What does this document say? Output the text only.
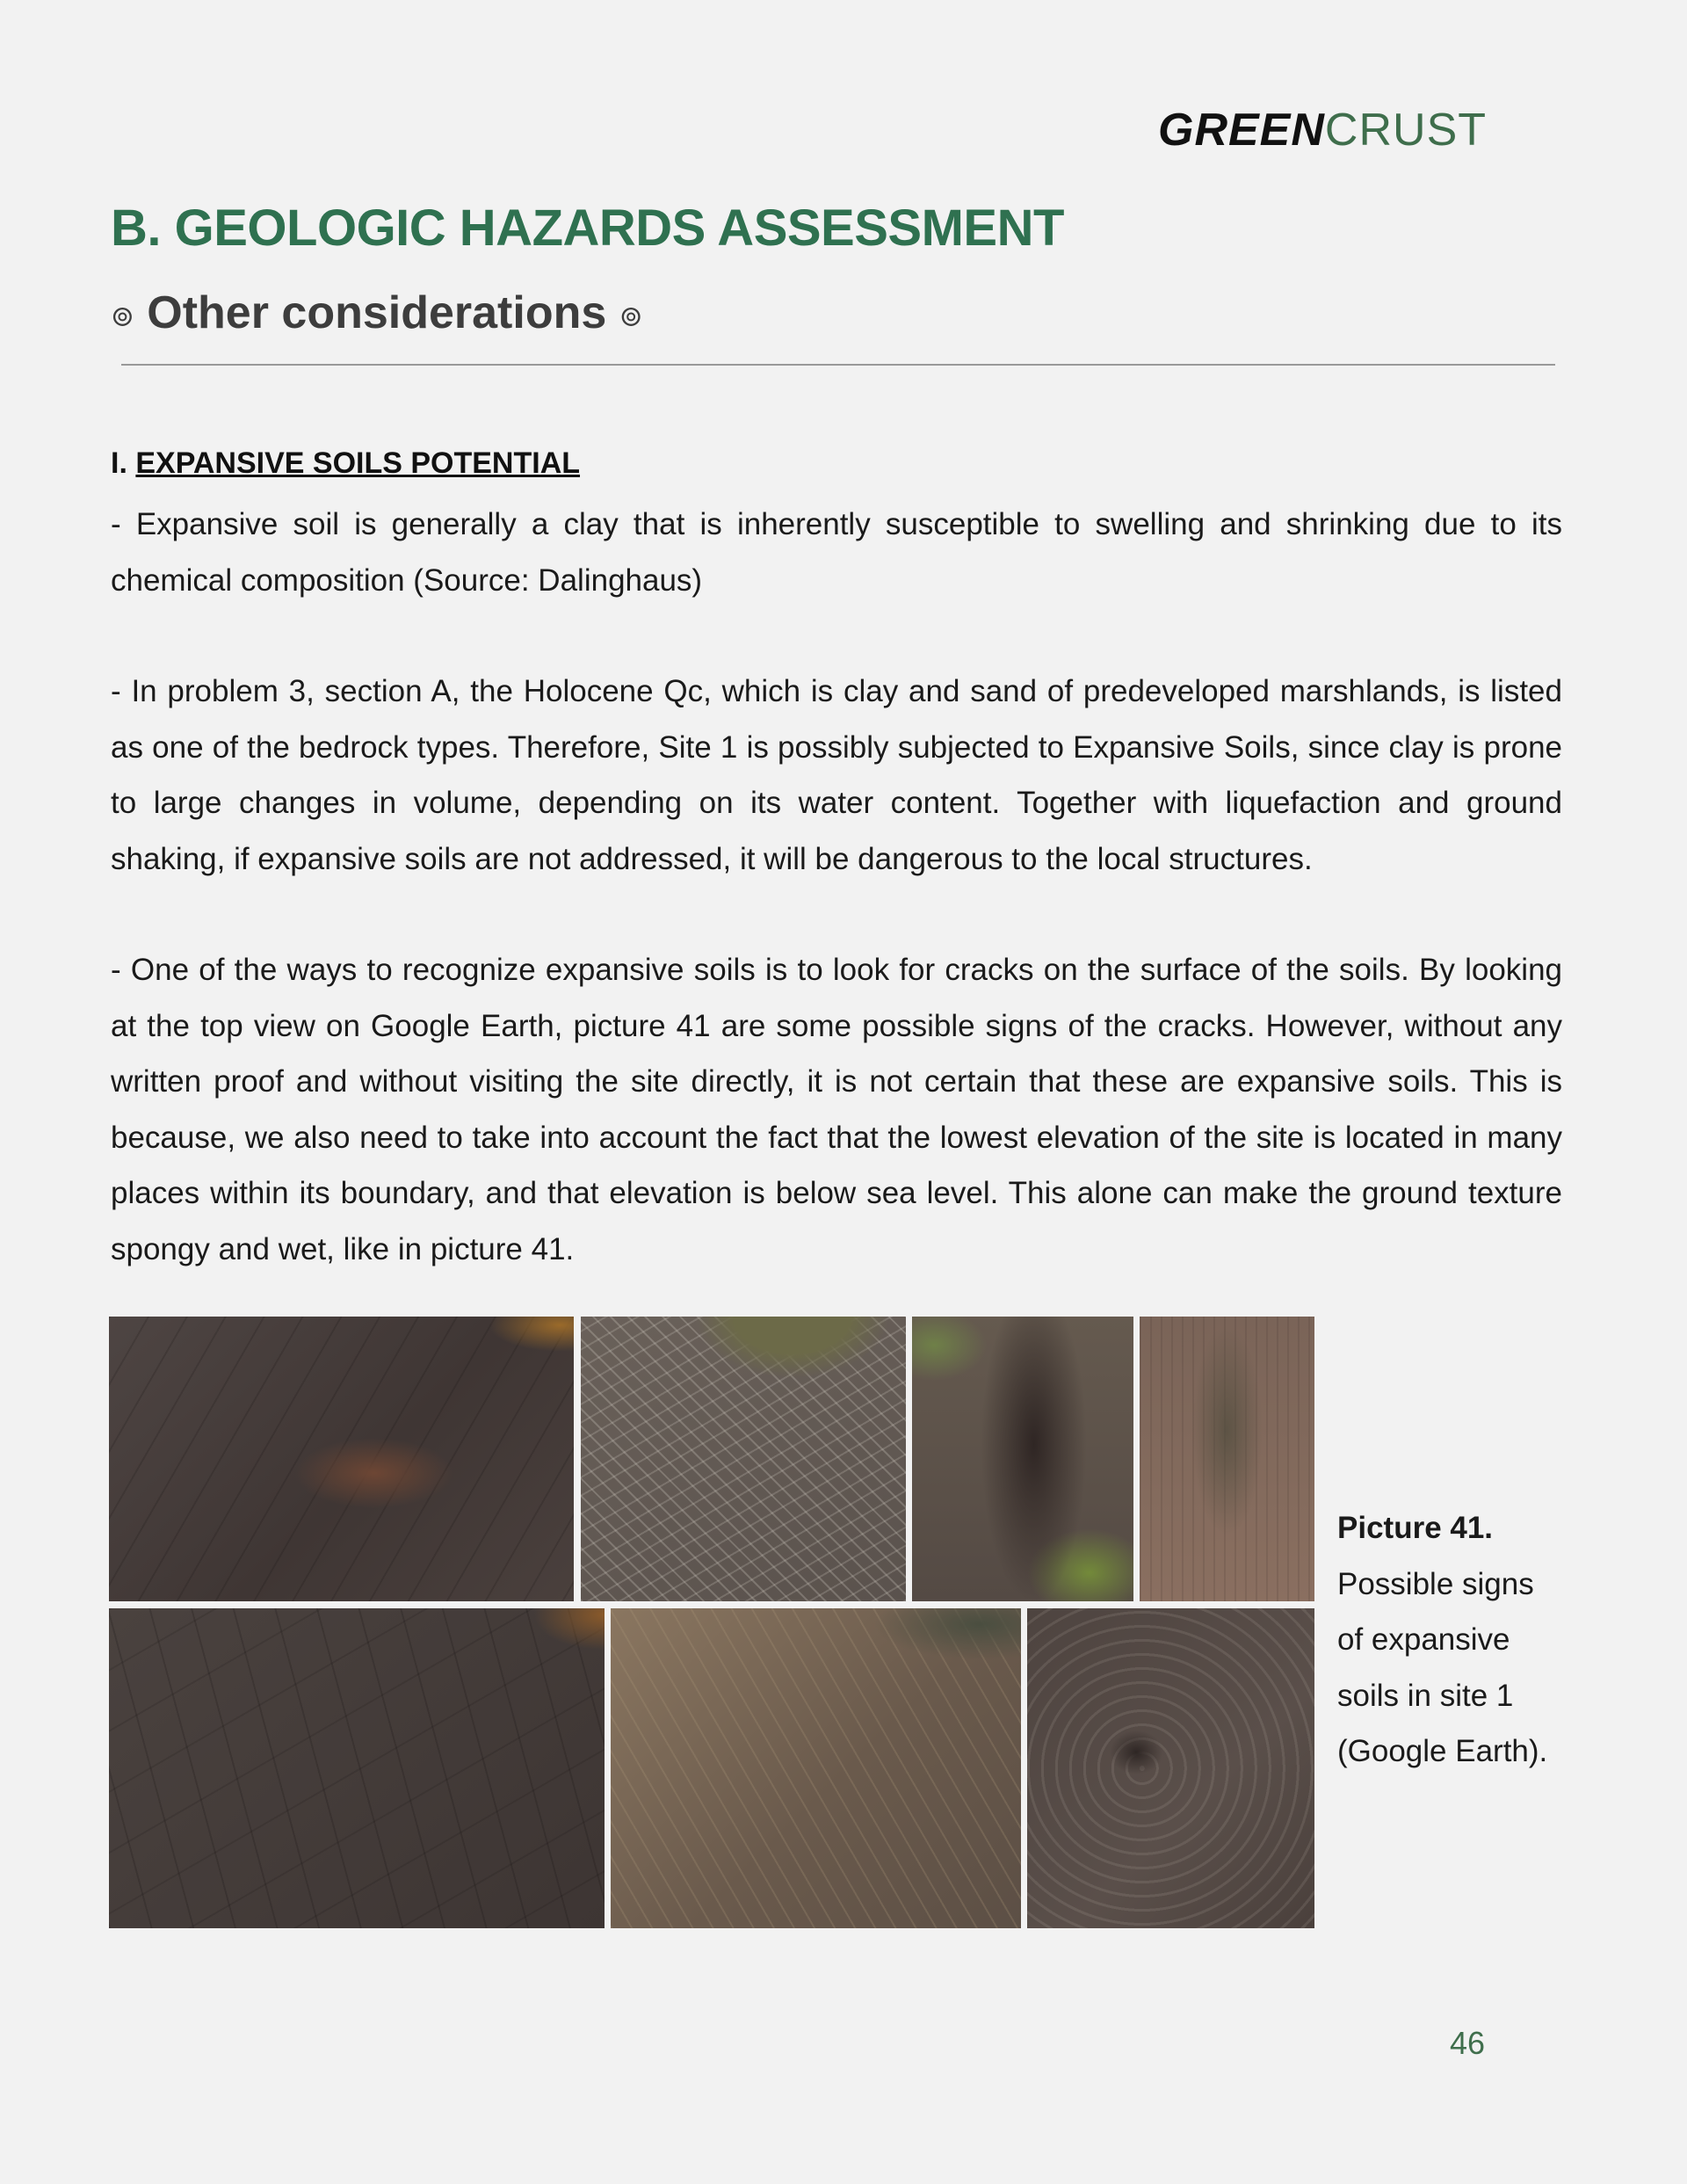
GREENCRUST
B. GEOLOGIC HAZARDS ASSESSMENT
⊚ Other considerations ⊚
I. EXPANSIVE SOILS POTENTIAL
- Expansive soil is generally a clay that is inherently susceptible to swelling and shrinking due to its chemical composition (Source: Dalinghaus)
- In problem 3, section A, the Holocene Qc, which is clay and sand of predeveloped marshlands, is listed as one of the bedrock types. Therefore, Site 1 is possibly subjected to Expansive Soils, since clay is prone to large changes in volume, depending on its water content. Together with liquefaction and ground shaking, if expansive soils are not addressed, it will be dangerous to the local structures.
- One of the ways to recognize expansive soils is to look for cracks on the surface of the soils. By looking at the top view on Google Earth, picture 41 are some possible signs of the cracks. However, without any written proof and without visiting the site directly, it is not certain that these are expansive soils. This is because, we also need to take into account the fact that the lowest elevation of the site is located in many places within its boundary, and that elevation is below sea level. This alone can make the ground texture spongy and wet, like in picture 41.
Picture 41.
Possible signs of expansive soils in site 1 (Google Earth).
46
